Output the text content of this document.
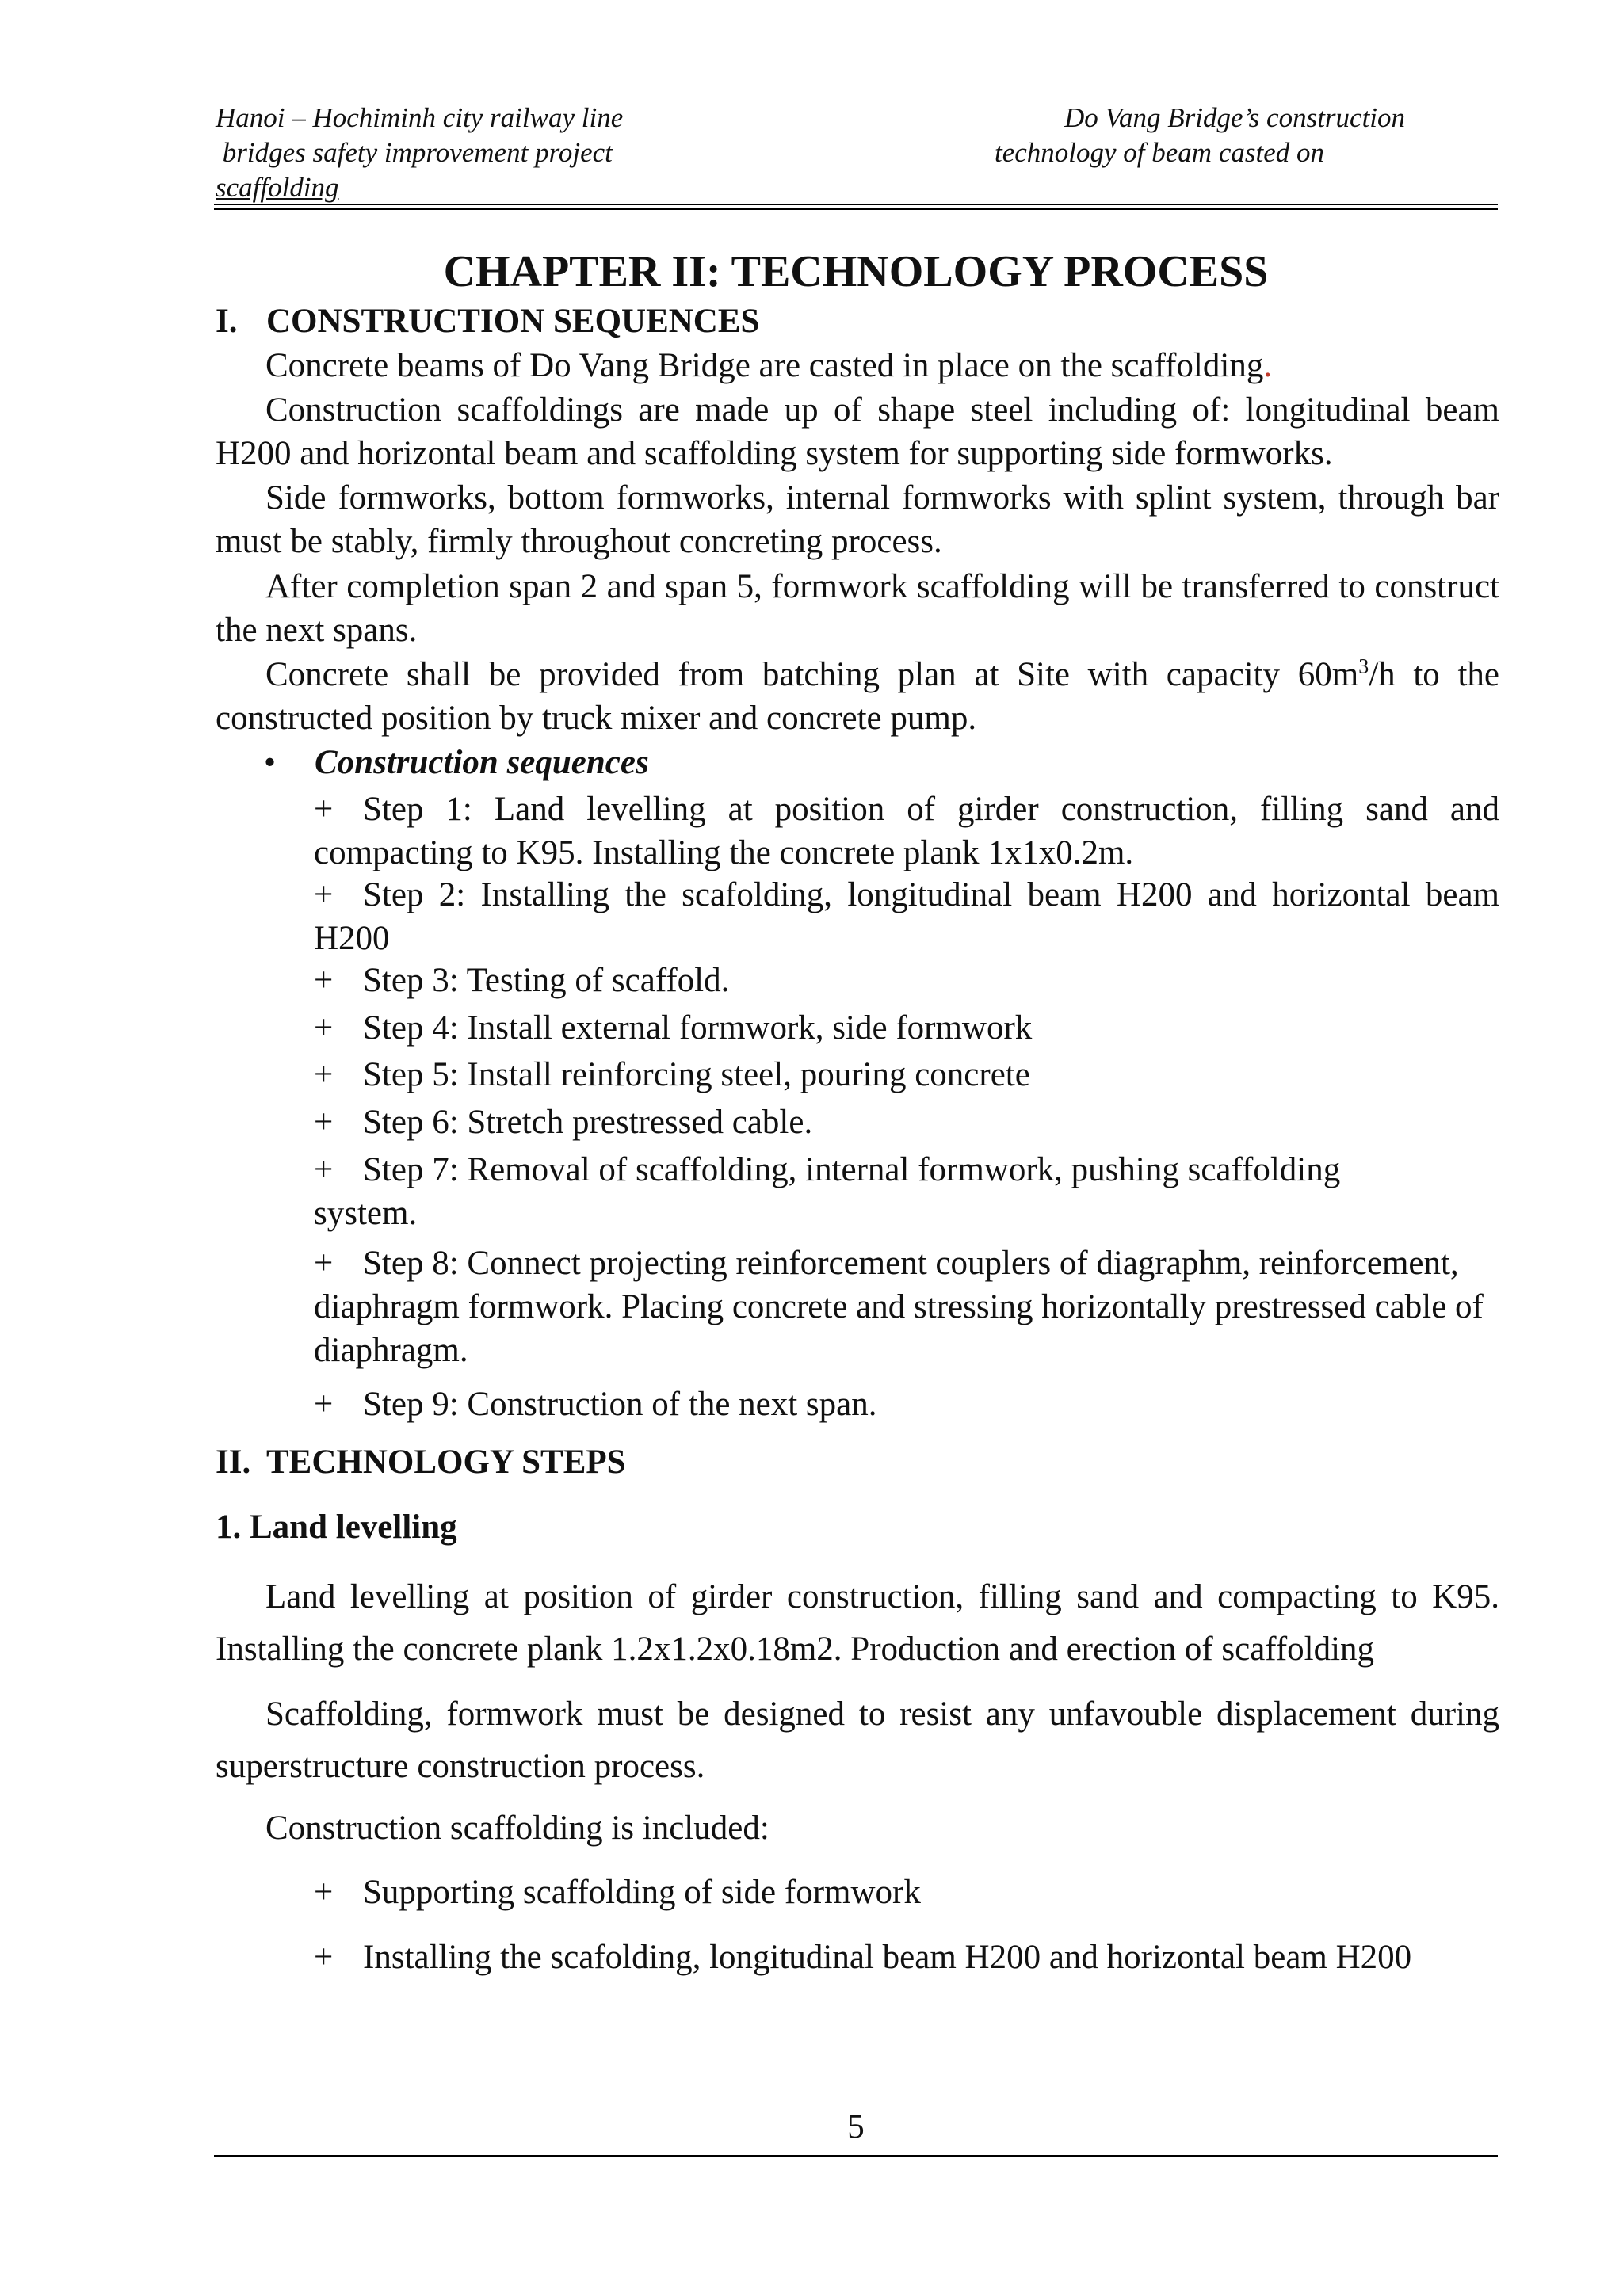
Hanoi – Hochiminh city railway line
bridges safety improvement project
scaffolding
Do Vang Bridge’s construction
technology of beam casted on
CHAPTER II: TECHNOLOGY PROCESS
I. CONSTRUCTION SEQUENCES
Concrete beams of Do Vang Bridge are casted in place on the scaffolding.
Construction scaffoldings are made up of shape steel including of: longitudinal beam H200 and horizontal beam and scaffolding system for supporting side formworks.
Side formworks, bottom formworks, internal formworks with splint system, through bar must be stably, firmly throughout concreting process.
After completion span 2 and span 5, formwork scaffolding will be transferred to construct the next spans.
Concrete shall be provided from batching plan at Site with capacity $60m^3/h$ to the constructed position by truck mixer and concrete pump.
• Construction sequences
+ Step 1: Land levelling at position of girder construction, filling sand and compacting to K95. Installing the concrete plank 1x1x0.2m.
+ Step 2: Installing the scafolding, longitudinal beam H200 and horizontal beam H200
+ Step 3: Testing of scaffold.
+ Step 4: Install external formwork, side formwork
+ Step 5: Install reinforcing steel, pouring concrete
+ Step 6: Stretch prestressed cable.
+ Step 7: Removal of scaffolding, internal formwork, pushing scaffolding system.
+ Step 8: Connect projecting reinforcement couplers of diagraphm, reinforcement, diaphragm formwork. Placing concrete and stressing horizontally prestressed cable of diaphragm.
+ Step 9: Construction of the next span.
II. TECHNOLOGY STEPS
1. Land levelling
Land levelling at position of girder construction, filling sand and compacting to K95. Installing the concrete plank 1.2x1.2x0.18m2. Production and erection of scaffolding
Scaffolding, formwork must be designed to resist any unfavouble displacement during superstructure construction process.
Construction scaffolding is included:
+ Supporting scaffolding of side formwork
+ Installing the scafolding, longitudinal beam H200 and horizontal beam H200
5
